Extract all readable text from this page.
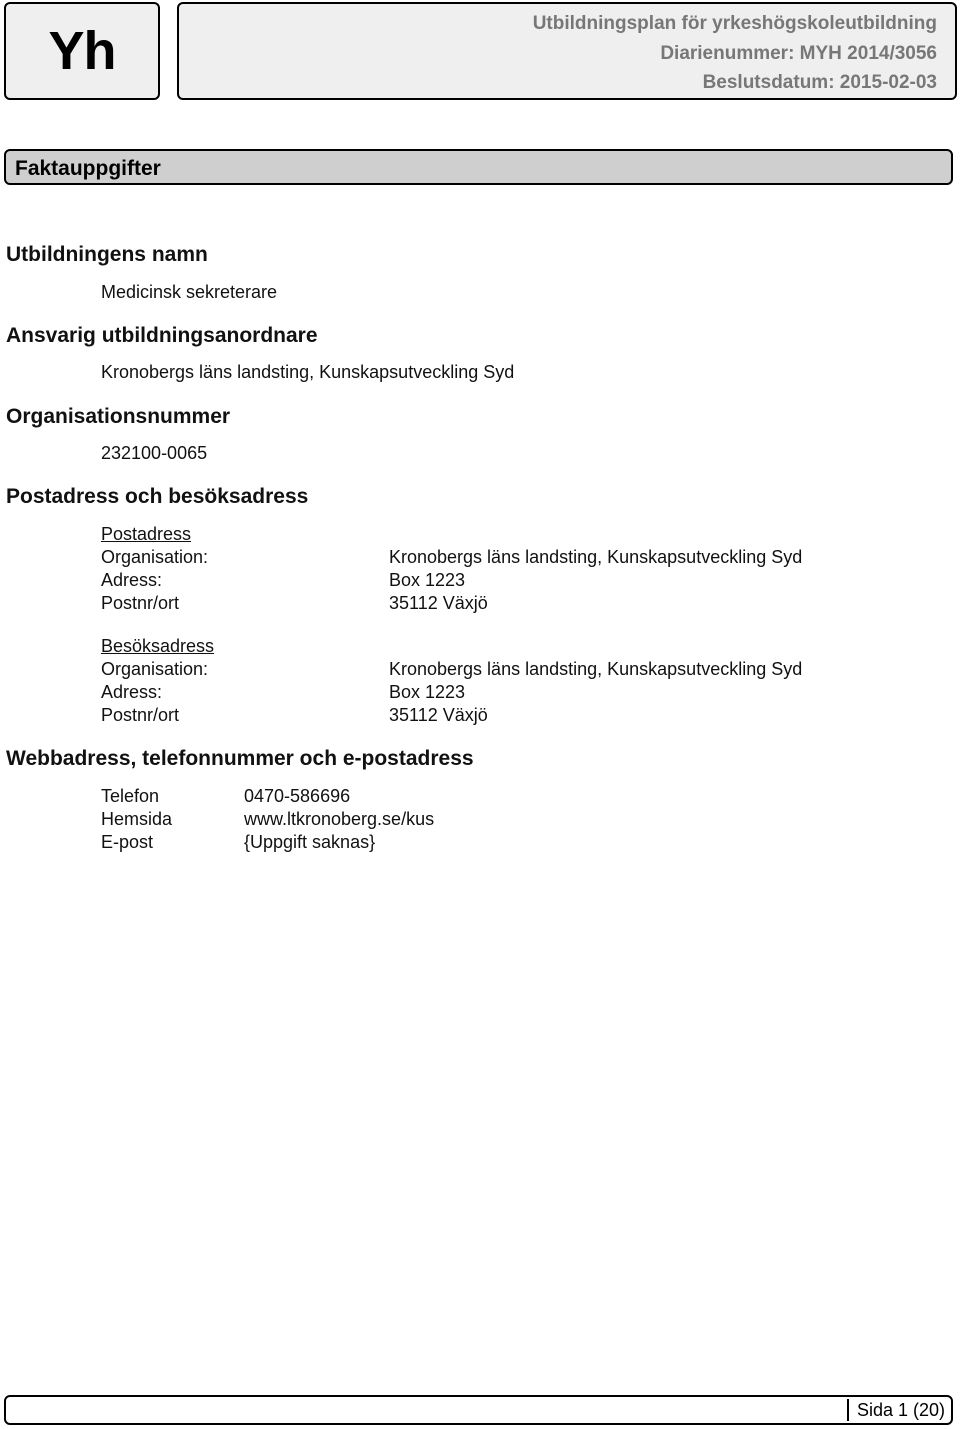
Yh	Utbildningsplan för yrkeshögskoleutbildning
Diarienummer: MYH 2014/3056
Beslutsdatum: 2015-02-03
Faktauppgifter
Utbildningens namn
Medicinsk sekreterare
Ansvarig utbildningsanordnare
Kronobergs läns landsting, Kunskapsutveckling Syd
Organisationsnummer
232100-0065
Postadress och besöksadress
Postadress
Organisation:	Kronobergs läns landsting, Kunskapsutveckling Syd
Adress:	Box 1223
Postnr/ort	35112 Växjö
Besöksadress
Organisation:	Kronobergs läns landsting, Kunskapsutveckling Syd
Adress:	Box 1223
Postnr/ort	35112 Växjö
Webbadress, telefonnummer och e-postadress
Telefon	0470-586696
Hemsida	www.ltkronoberg.se/kus
E-post	{Uppgift saknas}
Sida 1 (20)
